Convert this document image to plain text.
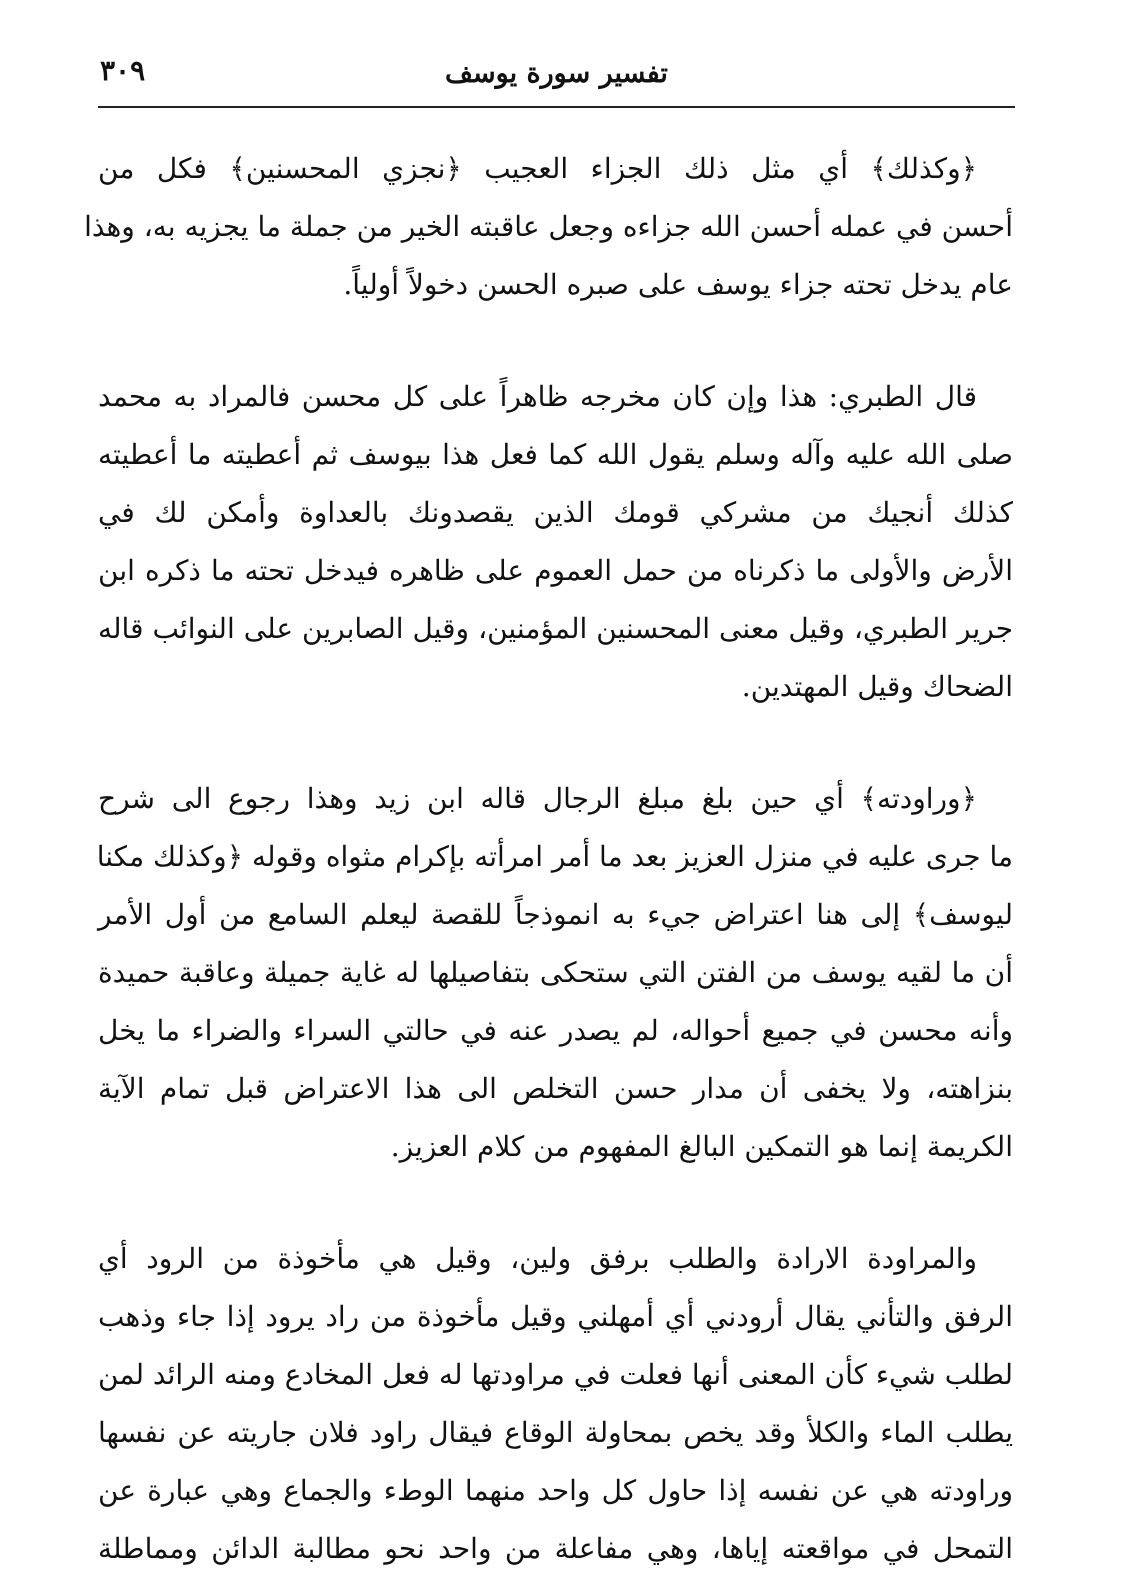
٣٠٩	تفسير سورة يوسف
﴿وكذلك﴾ أي مثل ذلك الجزاء العجيب ﴿نجزي المحسنين﴾ فكل من
أحسن في عمله أحسن الله جزاءه وجعل عاقبته الخير من جملة ما يجزيه به، وهذا
عام يدخل تحته جزاء يوسف على صبره الحسن دخولاً أولياً.
قال الطبري: هذا وإن كان مخرجه ظاهراً على كل محسن فالمراد به محمد
صلى الله عليه وآله وسلم يقول الله كما فعل هذا بيوسف ثم أعطيته ما أعطيته
كذلك أنجيك من مشركي قومك الذين يقصدونك بالعداوة وأمكن لك في
الأرض والأولى ما ذكرناه من حمل العموم على ظاهره فيدخل تحته ما ذكره ابن
جرير الطبري، وقيل معنى المحسنين المؤمنين، وقيل الصابرين على النوائب قاله
الضحاك وقيل المهتدين.
﴿وراودته﴾ أي حين بلغ مبلغ الرجال قاله ابن زيد وهذا رجوع الى شرح
ما جرى عليه في منزل العزيز بعد ما أمر امرأته بإكرام مثواه وقوله ﴿وكذلك مكنا
ليوسف﴾ إلى هنا اعتراض جيء به انموذجاً للقصة ليعلم السامع من أول الأمر
أن ما لقيه يوسف من الفتن التي ستحكى بتفاصيلها له غاية جميلة وعاقبة حميدة
وأنه محسن في جميع أحواله، لم يصدر عنه في حالتي السراء والضراء ما يخل
بنزاهته، ولا يخفى أن مدار حسن التخلص الى هذا الاعتراض قبل تمام الآية
الكريمة إنما هو التمكين البالغ المفهوم من كلام العزيز.
والمراودة الارادة والطلب برفق ولين، وقيل هي مأخوذة من الرود أي
الرفق والتأني يقال أرودني أي أمهلني وقيل مأخوذة من راد يرود إذا جاء وذهب
لطلب شيء كأن المعنى أنها فعلت في مراودتها له فعل المخادع ومنه الرائد لمن
يطلب الماء والكلأ وقد يخص بمحاولة الوقاع فيقال راود فلان جاريته عن نفسها
وراودته هي عن نفسه إذا حاول كل واحد منهما الوطء والجماع وهي عبارة عن
التمحل في مواقعته إياها، وهي مفاعلة من واحد نحو مطالبة الدائن ومماطلة
